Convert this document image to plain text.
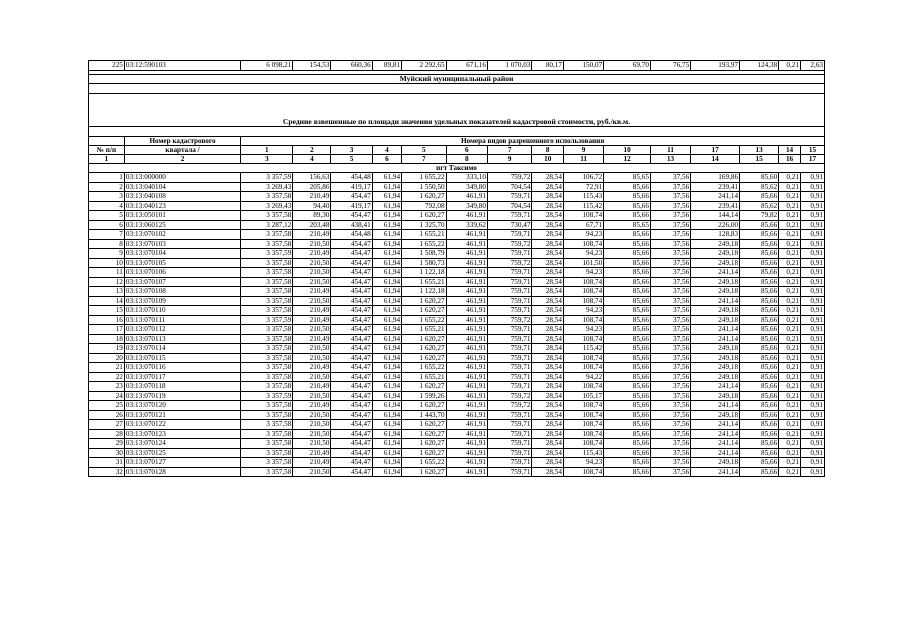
225	03:12:590103	6 098,21	154,53	660,36	89,81	2 292,65	671,16	1 070,03	80,17	150,07	69,70	76,75	193,97	124,38	0,21	2,63

Муйский муниципальный район																

Средние взвешенные по площади значения удельных показателей кадастровой стоимости, руб./кв.м.																

	Номер кадастрового	Номера видов разрешенного использования														
№ п/п	квартала /	1	2	3	4	5	6	7	8	9	10	11	17	13	14	15
1	2	3	4	5	6	7	8	9	10	11	12	13	14	15	16	17
пгт Таксимо																
1	03:13:000000	3 357,59	156,63	454,48	61,94	1 655,22	333,10	759,72	28,54	106,72	85,65	37,56	169,86	85,60	0,21	0,91
2	03:13:040104	3 269,43	205,86	419,17	61,94	1 550,50	349,80	704,54	28,54	72,91	85,66	37,56	239,41	85,62	0,21	0,91
3	03:13:040108	3 357,58	210,49	454,47	61,94	1 620,27	461,91	759,71	28,54	115,43	85,66	37,56	241,14	85,66	0,21	0,91
4	03:13:040123	3 269,43	94,40	419,17	61,94	792,08	349,80	704,54	28,54	115,42	85,66	37,56	239,41	85,62	0,21	0,91
5	03:13:050101	3 357,58	89,30	454,47	61,94	1 620,27	461,91	759,71	28,54	108,74	85,66	37,56	144,14	79,82	0,21	0,91
6	03:13:060125	3 287,12	203,48	438,41	61,94	1 325,70	339,62	730,47	28,54	67,71	85,65	37,56	226,00	85,66	0,21	0,91
7	03:13:070102	3 357,58	210,49	454,48	61,94	1 655,21	461,91	759,71	28,54	94,23	85,66	37,56	128,83	85,66	0,21	0,91
8	03:13:070103	3 357,58	210,50	454,47	61,94	1 655,22	461,91	759,72	28,54	108,74	85,66	37,56	249,18	85,66	0,21	0,91
9	03:13:070104	3 357,59	210,49	454,47	61,94	1 508,79	461,91	759,71	28,54	94,23	85,66	37,56	249,18	85,66	0,21	0,91
10	03:13:070105	3 357,58	210,50	454,47	61,94	1 580,73	461,91	759,72	28,54	101,50	85,66	37,56	249,18	85,66	0,21	0,91
11	03:13:070106	3 357,58	210,50	454,47	61,94	1 122,18	461,91	759,71	28,54	94,23	85,66	37,56	241,14	85,66	0,21	0,91
12	03:13:070107	3 357,58	210,50	454,47	61,94	1 655,21	461,91	759,71	28,54	108,74	85,66	37,56	249,18	85,66	0,21	0,91
13	03:13:070108	3 357,58	210,49	454,47	61,94	1 122,18	461,91	759,71	28,54	108,74	85,66	37,56	249,18	85,66	0,21	0,91
14	03:13:070109	3 357,58	210,50	454,47	61,94	1 620,27	461,91	759,71	28,54	108,74	85,66	37,56	241,14	85,66	0,21	0,91
15	03:13:070110	3 357,58	210,49	454,47	61,94	1 620,27	461,91	759,71	28,54	94,23	85,66	37,56	249,18	85,66	0,21	0,91
16	03:13:070111	3 357,59	210,49	454,47	61,94	1 655,22	461,91	759,72	28,54	108,74	85,66	37,56	249,18	85,66	0,21	0,91
17	03:13:070112	3 357,58	210,50	454,47	61,94	1 655,21	461,91	759,71	28,54	94,23	85,66	37,56	241,14	85,66	0,21	0,91
18	03:13:070113	3 357,58	210,49	454,47	61,94	1 620,27	461,91	759,71	28,54	108,74	85,66	37,56	241,14	85,66	0,21	0,91
19	03:13:070114	3 357,58	210,50	454,47	61,94	1 620,27	461,91	759,71	28,54	115,42	85,66	37,56	249,18	85,66	0,21	0,91
20	03:13:070115	3 357,58	210,50	454,47	61,94	1 620,27	461,91	759,71	28,54	108,74	85,66	37,56	249,18	85,66	0,21	0,91
21	03:13:070116	3 357,58	210,49	454,47	61,94	1 655,22	461,91	759,71	28,54	108,74	85,66	37,56	249,18	85,66	0,21	0,91
22	03:13:070117	3 357,58	210,50	454,47	61,94	1 655,21	461,91	759,71	28,54	94,22	85,66	37,56	249,18	85,66	0,21	0,91
23	03:13:070118	3 357,58	210,49	454,47	61,94	1 620,27	461,91	759,71	28,54	108,74	85,66	37,56	241,14	85,66	0,21	0,91
24	03:13:070119	3 357,59	210,50	454,47	61,94	1 599,26	461,91	759,72	28,54	105,17	85,66	37,56	249,18	85,66	0,21	0,91
25	03:13:070120	3 357,58	210,49	454,47	61,94	1 620,27	461,91	759,72	28,54	108,74	85,66	37,56	241,14	85,66	0,21	0,91
26	03:13:070121	3 357,58	210,50	454,47	61,94	1 443,70	461,91	759,71	28,54	108,74	85,66	37,56	249,18	85,66	0,21	0,91
27	03:13:070122	3 357,58	210,50	454,47	61,94	1 620,27	461,91	759,71	28,54	108,74	85,66	37,56	241,14	85,66	0,21	0,91
28	03:13:070123	3 357,58	210,50	454,47	61,94	1 620,27	461,91	759,71	28,54	108,74	85,66	37,56	241,14	85,66	0,21	0,91
29	03:13:070124	3 357,58	210,50	454,47	61,94	1 620,27	461,91	759,71	28,54	108,74	85,66	37,56	241,14	85,66	0,21	0,91
30	03:13:070125	3 357,58	210,49	454,47	61,94	1 620,27	461,91	759,71	28,54	115,43	85,66	37,56	241,14	85,66	0,21	0,91
31	03:13:070127	3 357,58	210,49	454,47	61,94	1 655,22	461,91	759,71	28,54	94,23	85,66	37,56	249,18	85,66	0,21	0,91
32	03:13:070128	3 357,58	210,50	454,47	61,94	1 620,27	461,91	759,71	28,54	108,74	85,66	37,56	241,14	85,66	0,21	0,91
